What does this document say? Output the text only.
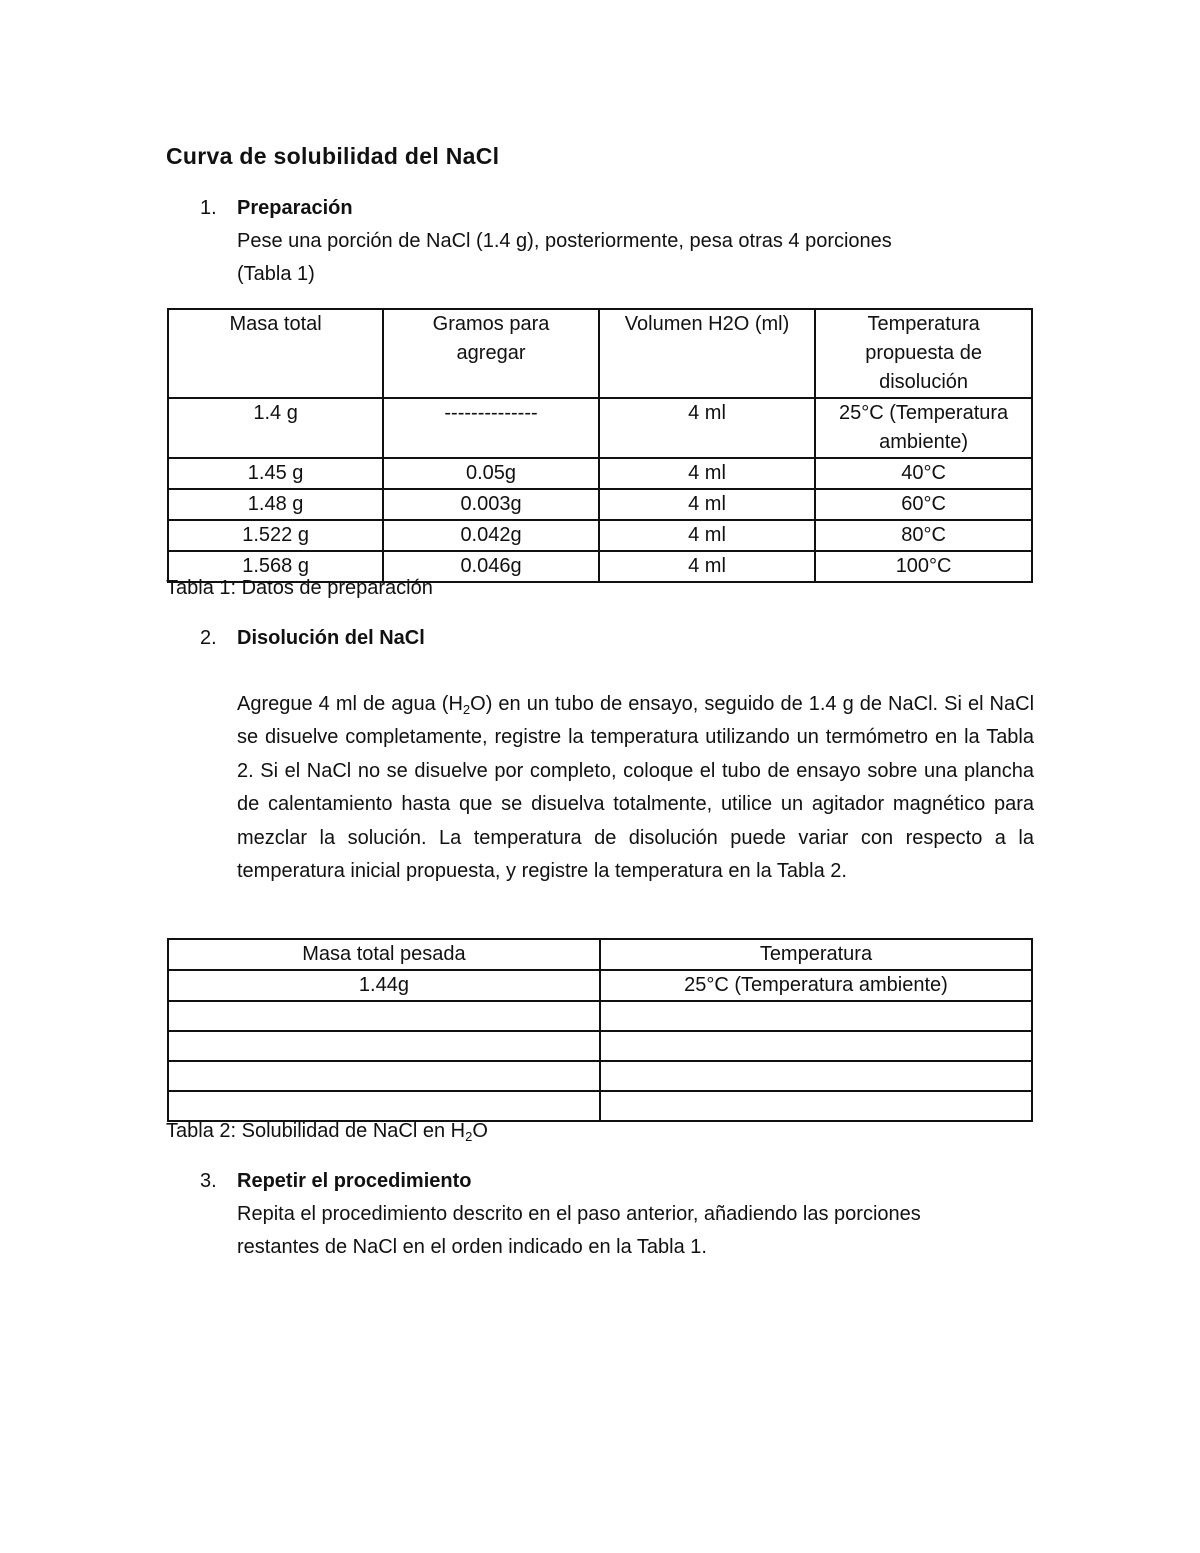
Curva de solubilidad del NaCl
1.	Preparación
Pese una porción de NaCl (1.4 g), posteriormente, pesa otras 4 porciones
(Tabla 1)
Masa total	Gramos para agregar	Volumen H2O (ml)	Temperatura propuesta de disolución
1.4 g	--------------	4 ml	25°C (Temperatura ambiente)
1.45 g	0.05g	4 ml	40°C
1.48 g	0.003g	4 ml	60°C
1.522 g	0.042g	4 ml	80°C
1.568 g	0.046g	4 ml	100°C
Tabla 1: Datos de preparación
2.	Disolución del NaCl
Agregue 4 ml de agua $(H_2O)$ en un tubo de ensayo, seguido de 1.4 g de NaCl. Si el NaCl se disuelve completamente, registre la temperatura utilizando un termómetro en la Tabla 2. Si el NaCl no se disuelve por completo, coloque el tubo de ensayo sobre una plancha de calentamiento hasta que se disuelva totalmente, utilice un agitador magnético para mezclar la solución. La temperatura de disolución puede variar con respecto a la temperatura inicial propuesta, y registre la temperatura en la Tabla 2.
Masa total pesada	Temperatura
1.44g	25°C (Temperatura ambiente)

Tabla 2: Solubilidad de NaCl en $H_2O$
3.	Repetir el procedimiento
Repita el procedimiento descrito en el paso anterior, añadiendo las porciones
restantes de NaCl en el orden indicado en la Tabla 1.
